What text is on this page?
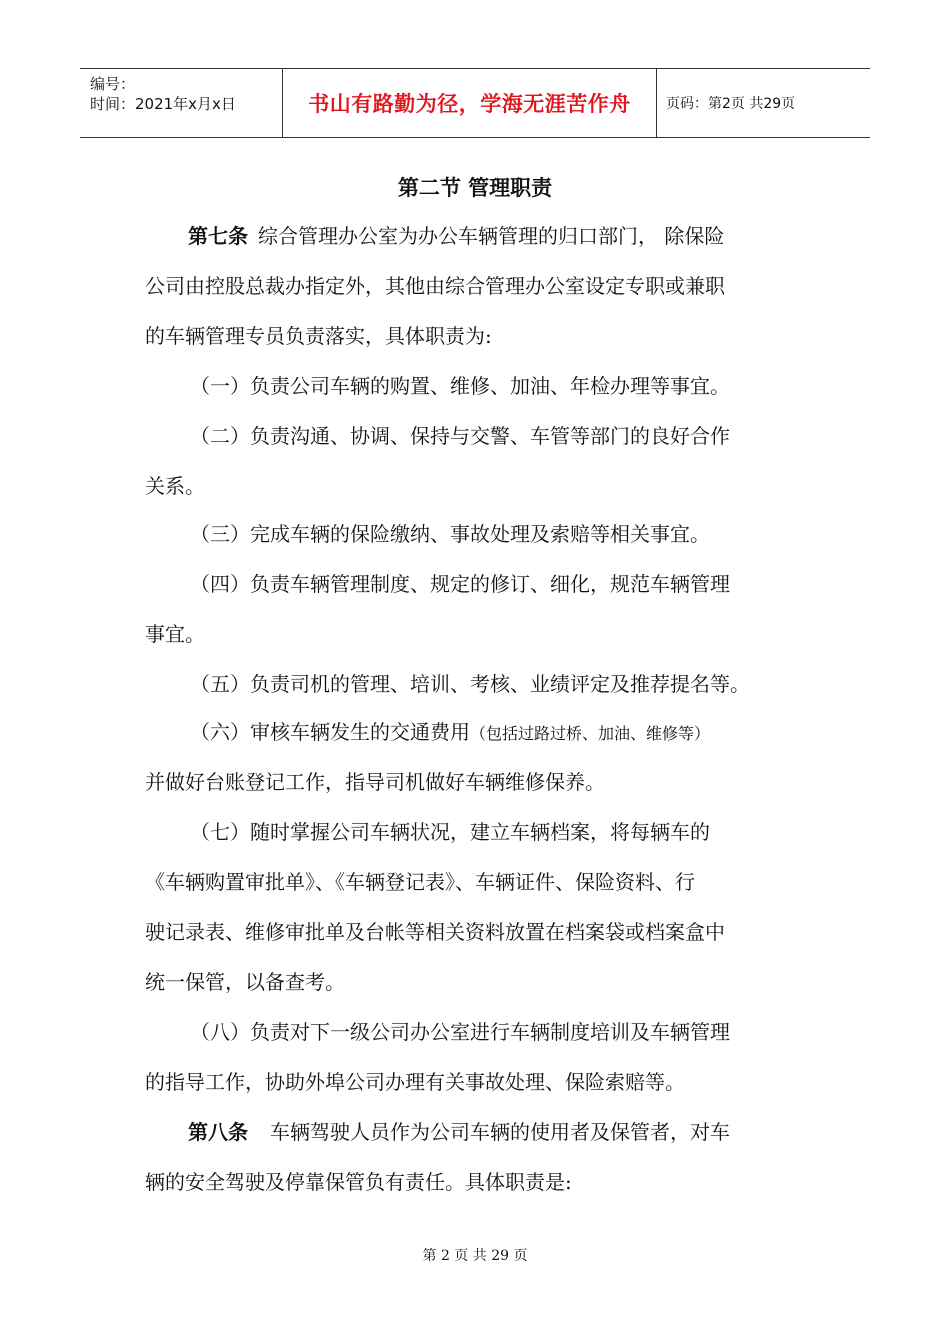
编号：
时间：2021年x月x日	书山有路勤为径，学海无涯苦作舟	页码：第2页 共29页
第二节 管理职责
第七条 综合管理办公室为办公车辆管理的归口部门， 除保险
公司由控股总裁办指定外，其他由综合管理办公室设定专职或兼职
的车辆管理专员负责落实，具体职责为:
（一）负责公司车辆的购置、维修、加油、年检办理等事宜。
（二）负责沟通、协调、保持与交警、车管等部门的良好合作
关系。
（三）完成车辆的保险缴纳、事故处理及索赔等相关事宜。
（四）负责车辆管理制度、规定的修订、细化，规范车辆管理
事宜。
（五）负责司机的管理、培训、考核、业绩评定及推荐提名等。
（六）审核车辆发生的交通费用（包括过路过桥、加油、维修等）
并做好台账登记工作，指导司机做好车辆维修保养。
（七）随时掌握公司车辆状况，建立车辆档案，将每辆车的
《车辆购置审批单》、《车辆登记表》、车辆证件、保险资料、行
驶记录表、维修审批单及台帐等相关资料放置在档案袋或档案盒中
统一保管，以备查考。
（八）负责对下一级公司办公室进行车辆制度培训及车辆管理
的指导工作，协助外埠公司办理有关事故处理、保险索赔等。
第八条 车辆驾驶人员作为公司车辆的使用者及保管者，对车
辆的安全驾驶及停靠保管负有责任。具体职责是:
第 2 页 共 29 页
